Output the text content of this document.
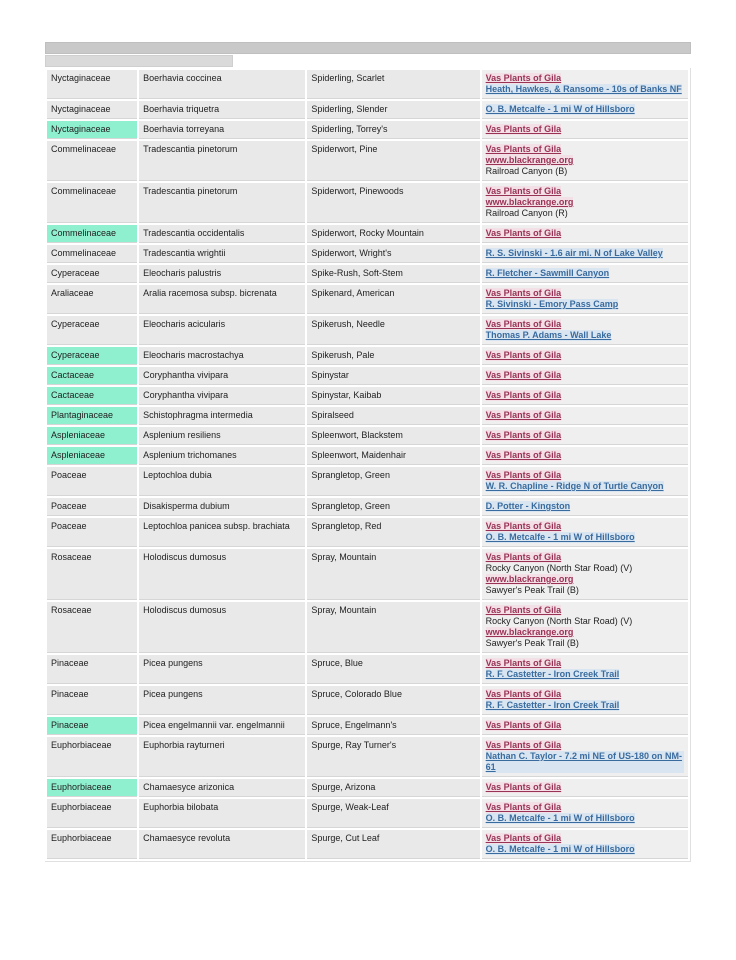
Nyctaginaceae	Boerhavia coccinea	Spiderling, Scarlet	Vas Plants of Gila
Heath, Hawkes, & Ransome - 10s of Banks NF

Nyctaginaceae	Boerhavia triquetra	Spiderling, Slender	O. B. Metcalfe - 1 mi W of Hillsboro

Nyctaginaceae	Boerhavia torreyana	Spiderling, Torrey's	Vas Plants of Gila

Commelinaceae	Tradescantia pinetorum	Spiderwort, Pine	Vas Plants of Gila
www.blackrange.org
Railroad Canyon (B)

Commelinaceae	Tradescantia pinetorum	Spiderwort, Pinewoods	Vas Plants of Gila
www.blackrange.org
Railroad Canyon (R)

Commelinaceae	Tradescantia occidentalis	Spiderwort, Rocky Mountain	Vas Plants of Gila

Commelinaceae	Tradescantia wrightii	Spiderwort, Wright's	R. S. Sivinski - 1.6 air mi. N of Lake Valley

Cyperaceae	Eleocharis palustris	Spike-Rush, Soft-Stem	R. Fletcher - Sawmill Canyon

Araliaceae	Aralia racemosa subsp. bicrenata	Spikenard, American	Vas Plants of Gila
R. Sivinski - Emory Pass Camp

Cyperaceae	Eleocharis acicularis	Spikerush, Needle	Vas Plants of Gila
Thomas P. Adams - Wall Lake

Cyperaceae	Eleocharis macrostachya	Spikerush, Pale	Vas Plants of Gila

Cactaceae	Coryphantha vivipara	Spinystar	Vas Plants of Gila

Cactaceae	Coryphantha vivipara	Spinystar, Kaibab	Vas Plants of Gila

Plantaginaceae	Schistophragma intermedia	Spiralseed	Vas Plants of Gila

Aspleniaceae	Asplenium resiliens	Spleenwort, Blackstem	Vas Plants of Gila

Aspleniaceae	Asplenium trichomanes	Spleenwort, Maidenhair	Vas Plants of Gila

Poaceae	Leptochloa dubia	Sprangletop, Green	Vas Plants of Gila
W. R. Chapline - Ridge N of Turtle Canyon

Poaceae	Disakisperma dubium	Sprangletop, Green	D. Potter - Kingston

Poaceae	Leptochloa panicea subsp. brachiata	Sprangletop, Red	Vas Plants of Gila
O. B. Metcalfe - 1 mi W of Hillsboro

Rosaceae	Holodiscus dumosus	Spray, Mountain	Vas Plants of Gila
Rocky Canyon (North Star Road) (V)
www.blackrange.org
Sawyer's Peak Trail (B)

Rosaceae	Holodiscus dumosus	Spray, Mountain	Vas Plants of Gila
Rocky Canyon (North Star Road) (V)
www.blackrange.org
Sawyer's Peak Trail (B)

Pinaceae	Picea pungens	Spruce, Blue	Vas Plants of Gila
R. F. Castetter - Iron Creek Trail

Pinaceae	Picea pungens	Spruce, Colorado Blue	Vas Plants of Gila
R. F. Castetter - Iron Creek Trail

Pinaceae	Picea engelmannii var. engelmannii	Spruce, Engelmann's	Vas Plants of Gila

Euphorbiaceae	Euphorbia rayturneri	Spurge, Ray Turner's	Vas Plants of Gila
Nathan C. Taylor - 7.2 mi NE of US-180 on NM-61

Euphorbiaceae	Chamaesyce arizonica	Spurge, Arizona	Vas Plants of Gila

Euphorbiaceae	Euphorbia bilobata	Spurge, Weak-Leaf	Vas Plants of Gila
O. B. Metcalfe - 1 mi W of Hillsboro

Euphorbiaceae	Chamaesyce revoluta	Spurge, Cut Leaf	Vas Plants of Gila
O. B. Metcalfe - 1 mi W of Hillsboro
